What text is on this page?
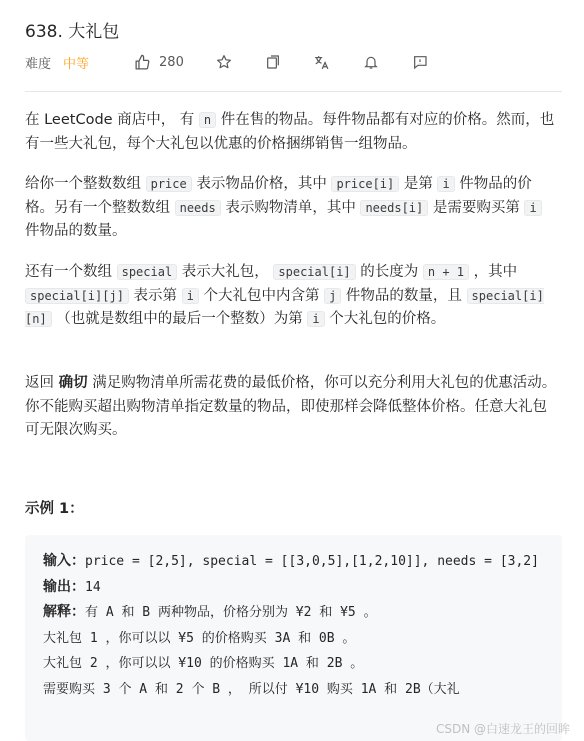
638. 大礼包
难度 中等	280
在 LeetCode 商店中， 有 n 件在售的物品。每件物品都有对应的价格。然而，也有一些大礼包，每个大礼包以优惠的价格捆绑销售一组物品。
给你一个整数数组 price 表示物品价格，其中 price[i] 是第 i 件物品的价格。另有一个整数数组 needs 表示购物清单，其中 needs[i] 是需要购买第 i 件物品的数量。
还有一个数组 special 表示大礼包， special[i] 的长度为 n + 1 ，其中 special[i][j] 表示第 i 个大礼包中内含第 j 件物品的数量，且 special[i][n] （也就是数组中的最后一个整数）为第 i 个大礼包的价格。
返回 确切 满足购物清单所需花费的最低价格，你可以充分利用大礼包的优惠活动。你不能购买超出购物清单指定数量的物品，即使那样会降低整体价格。任意大礼包可无限次购买。
示例 1：
输入：price = [2,5], special = [[3,0,5],[1,2,10]], needs = [3,2]
输出：14
解释：有 A 和 B 两种物品，价格分别为 ¥2 和 ¥5 。
大礼包 1 ，你可以以 ¥5 的价格购买 3A 和 0B 。
大礼包 2 ，你可以以 ¥10 的价格购买 1A 和 2B 。
需要购买 3 个 A 和 2 个 B ， 所以付 ¥10 购买 1A 和 2B（大礼
CSDN @白速龙王的回眸
